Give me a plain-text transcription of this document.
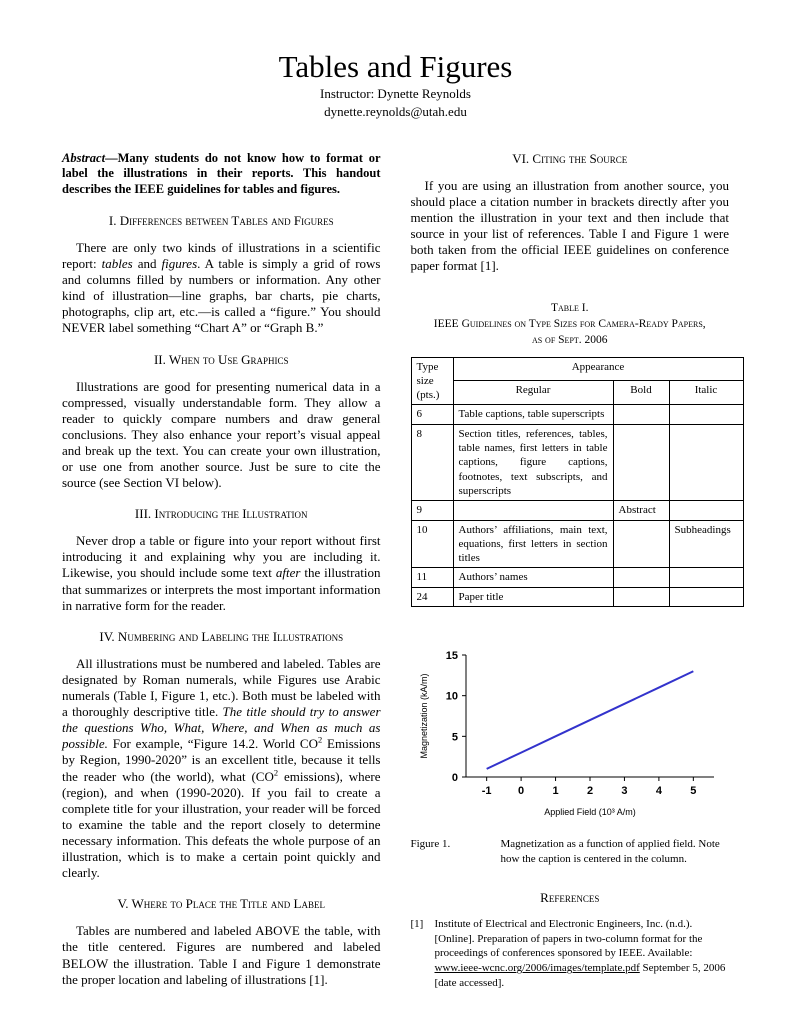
Tables and Figures
Instructor: Dynette Reynolds
dynette.reynolds@utah.edu

Abstract—Many students do not know how to format or label the illustrations in their reports. This handout describes the IEEE guidelines for tables and figures.

I. Differences between Tables and Figures

There are only two kinds of illustrations in a scientific report: tables and figures. A table is simply a grid of rows and columns filled by numbers or information. Any other kind of illustration—line graphs, bar charts, pie charts, photographs, clip art, etc.—is called a “figure.” You should NEVER label something “Chart A” or “Graph B.”

II. When to Use Graphics

Illustrations are good for presenting numerical data in a compressed, visually understandable form. They allow a reader to quickly compare numbers and draw general conclusions. They also enhance your report’s visual appeal and break up the text. You can create your own illustration, or use one from another source. Just be sure to cite the source (see Section VI below).

III. Introducing the Illustration

Never drop a table or figure into your report without first introducing it and explaining why you are including it. Likewise, you should include some text after the illustration that summarizes or interprets the most important information in narrative form for the reader.

IV. Numbering and Labeling the Illustrations

All illustrations must be numbered and labeled. Tables are designated by Roman numerals, while Figures use Arabic numerals (Table I, Figure 1, etc.). Both must be labeled with a thoroughly descriptive title. The title should try to answer the questions Who, What, Where, and When as much as possible. For example, “Figure 14.2. World $CO^2$ Emissions by Region, 1990-2020” is an excellent title, because it tells the reader who (the world), what ($CO^2$ emissions), where (region), and when (1990-2020). If you fail to create a complete title for your illustration, your reader will be forced to examine the table and the report closely to determine necessary information. This defeats the whole purpose of an illustration, which is to make a certain point quickly and clearly.

V. Where to Place the Title and Label

Tables are numbered and labeled ABOVE the table, with the title centered. Figures are numbered and labeled BELOW the illustration. Table I and Figure 1 demonstrate the proper location and labeling of illustrations [1].

VI. Citing the Source

If you are using an illustration from another source, you should place a citation number in brackets directly after you mention the illustration in your text and then include that source in your list of references. Table I and Figure 1 were both taken from the official IEEE guidelines on conference paper format [1].

Table I.
IEEE Guidelines on Type Sizes for Camera-Ready Papers, as of Sept. 2006
Type size (pts.)	Appearance		
	Regular	Bold	Italic
6	Table captions, table superscripts		
8	Section titles, references, tables, table names, first letters in table captions, figure captions, footnotes, text subscripts, and superscripts		
9		Abstract	
10	Authors’ affiliations, main text, equations, first letters in section titles		Subheadings
11	Authors’ names		
24	Paper title		
0
5
10
15
-1 0	1	2	3	4	5
Magnetization (kA/m)
Applied Field (10³ A/m)
Figure 1.	Magnetization as a function of applied field. Note how the caption is centered in the column.
References
[1]	Institute of Electrical and Electronic Engineers, Inc. (n.d.). [Online]. Preparation of papers in two-column format for the proceedings of conferences sponsored by IEEE. Available: www.ieee-wcnc.org/2006/images/template.pdf September 5, 2006 [date accessed].
